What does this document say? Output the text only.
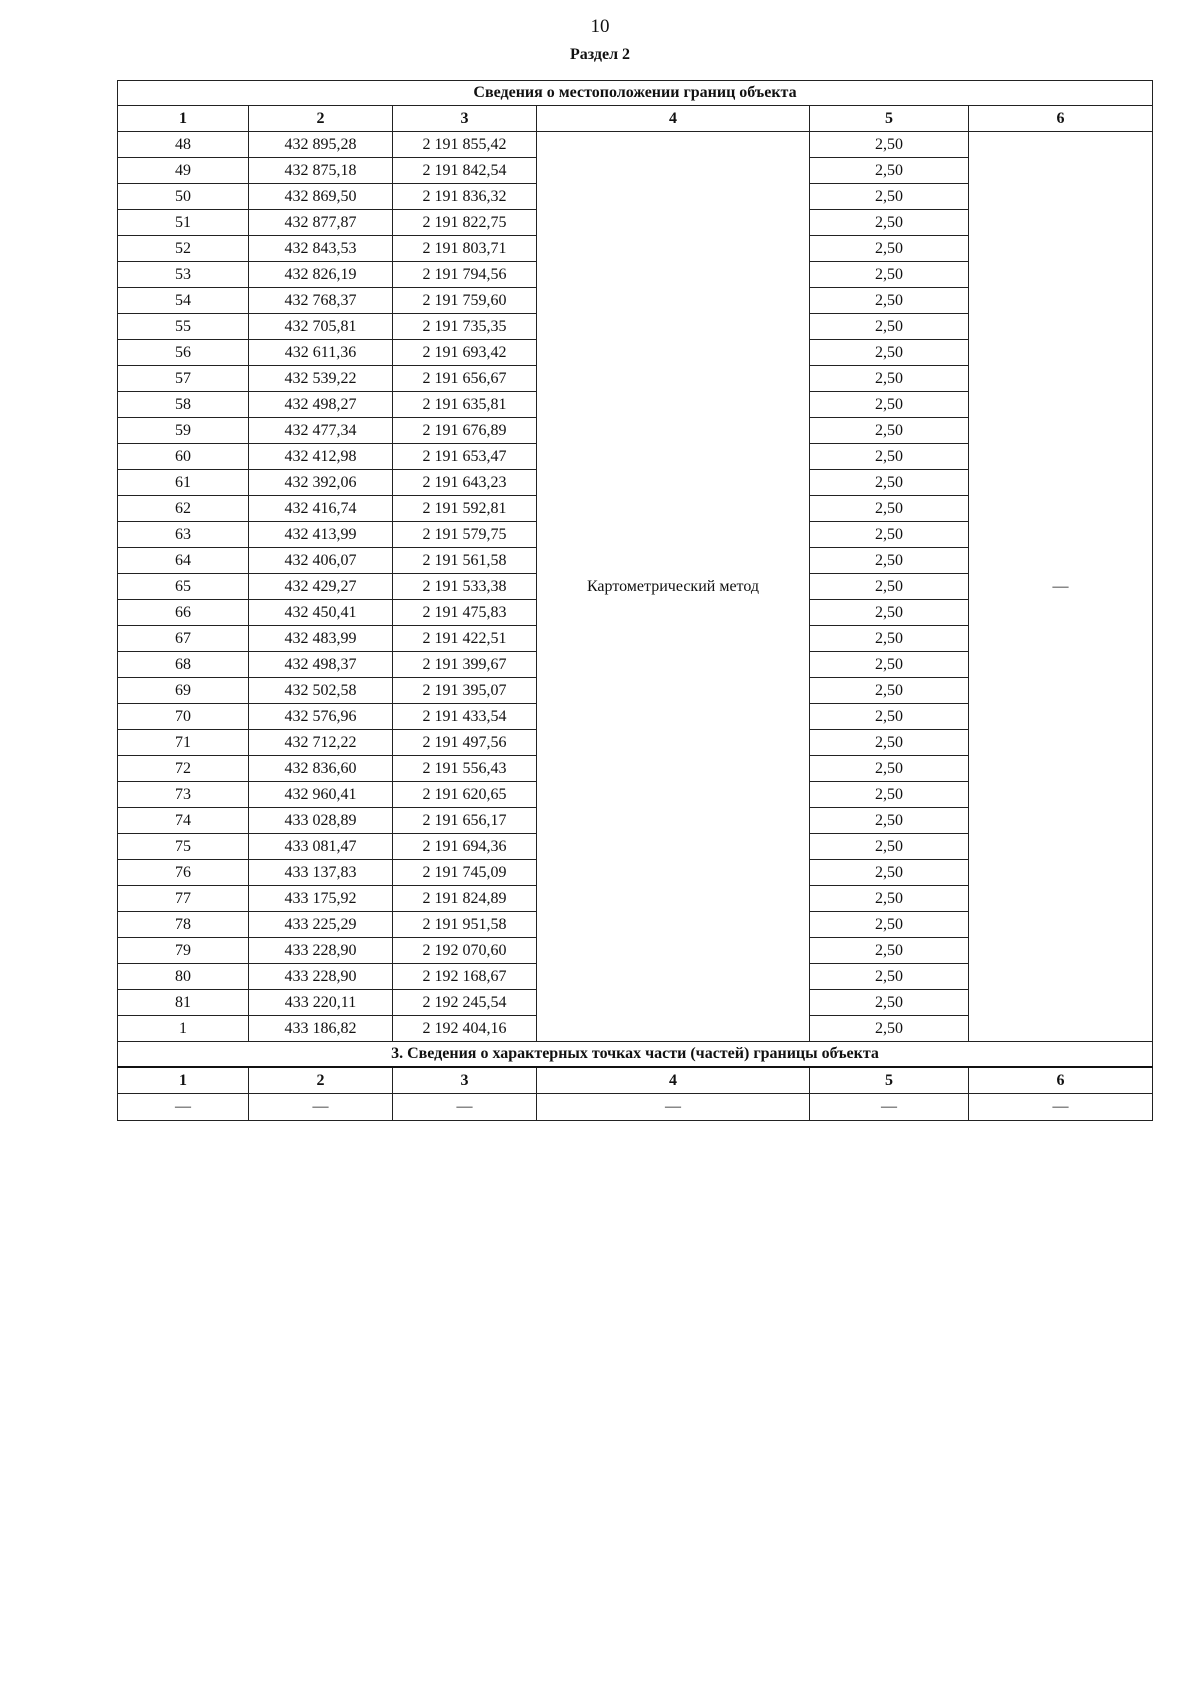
10
Раздел 2
Сведения о местоположении границ объекта					
1	2	3	4	5	6
48	432 895,28	2 191 855,42	Картометрический метод	2,50	—
49	432 875,18	2 191 842,54		2,50	
50	432 869,50	2 191 836,32		2,50	
51	432 877,87	2 191 822,75		2,50	
52	432 843,53	2 191 803,71		2,50	
53	432 826,19	2 191 794,56		2,50	
54	432 768,37	2 191 759,60		2,50	
55	432 705,81	2 191 735,35		2,50	
56	432 611,36	2 191 693,42		2,50	
57	432 539,22	2 191 656,67		2,50	
58	432 498,27	2 191 635,81		2,50	
59	432 477,34	2 191 676,89		2,50	
60	432 412,98	2 191 653,47		2,50	
61	432 392,06	2 191 643,23		2,50	
62	432 416,74	2 191 592,81		2,50	
63	432 413,99	2 191 579,75		2,50	
64	432 406,07	2 191 561,58		2,50	
65	432 429,27	2 191 533,38		2,50	
66	432 450,41	2 191 475,83		2,50	
67	432 483,99	2 191 422,51		2,50	
68	432 498,37	2 191 399,67		2,50	
69	432 502,58	2 191 395,07		2,50	
70	432 576,96	2 191 433,54		2,50	
71	432 712,22	2 191 497,56		2,50	
72	432 836,60	2 191 556,43		2,50	
73	432 960,41	2 191 620,65		2,50	
74	433 028,89	2 191 656,17		2,50	
75	433 081,47	2 191 694,36		2,50	
76	433 137,83	2 191 745,09		2,50	
77	433 175,92	2 191 824,89		2,50	
78	433 225,29	2 191 951,58		2,50	
79	433 228,90	2 192 070,60		2,50	
80	433 228,90	2 192 168,67		2,50	
81	433 220,11	2 192 245,54		2,50	
1	433 186,82	2 192 404,16		2,50	
3. Сведения о характерных точках части (частей) границы объекта					
1	2	3	4	5	6
—	—	—	—	—	—
